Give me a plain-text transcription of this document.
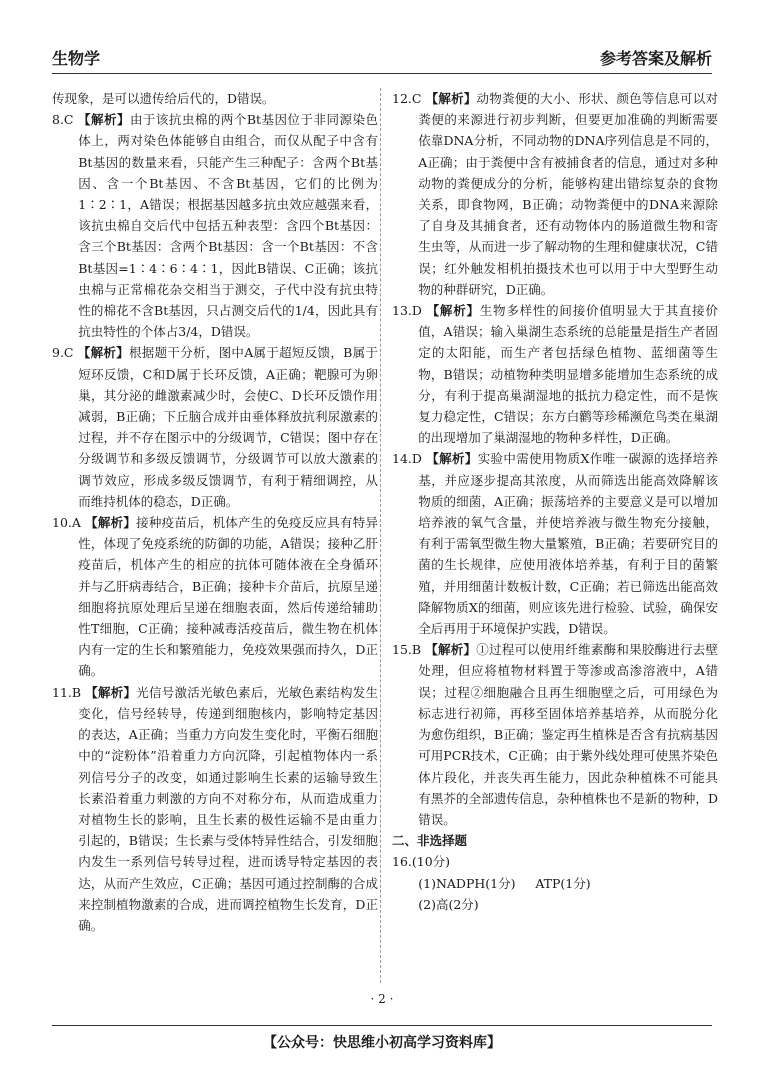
生物学	参考答案及解析

传现象，是可以遗传给后代的，D错误。

8.C 【解析】由于该抗虫棉的两个Bt基因位于非同源染色体上，两对染色体能够自由组合，而仅从配子中含有Bt基因的数量来看，只能产生三种配子：含两个Bt基因、含一个Bt基因、不含Bt基因，它们的比例为1∶2∶1，A错误；根据基因越多抗虫效应越强来看，该抗虫棉自交后代中包括五种表型：含四个Bt基因：含三个Bt基因：含两个Bt基因：含一个Bt基因：不含Bt基因=1∶4∶6∶4∶1，因此B错误、C正确；该抗虫棉与正常棉花杂交相当于测交，子代中没有抗虫特性的棉花不含Bt基因，只占测交后代的1/4，因此具有抗虫特性的个体占3/4，D错误。

9.C 【解析】根据题干分析，图中A属于超短反馈，B属于短环反馈，C和D属于长环反馈，A正确；靶腺可为卵巢，其分泌的雌激素减少时，会使C、D长环反馈作用减弱，B正确；下丘脑合成并由垂体释放抗利尿激素的过程，并不存在图示中的分级调节，C错误；图中存在分级调节和多级反馈调节，分级调节可以放大激素的调节效应，形成多级反馈调节，有利于精细调控，从而维持机体的稳态，D正确。

10.A 【解析】接种疫苗后，机体产生的免疫反应具有特异性，体现了免疫系统的防御的功能，A错误；接种乙肝疫苗后，机体产生的相应的抗体可随体液在全身循环并与乙肝病毒结合，B正确；接种卡介苗后，抗原呈递细胞将抗原处理后呈递在细胞表面，然后传递给辅助性T细胞，C正确；接种减毒活疫苗后，微生物在机体内有一定的生长和繁殖能力，免疫效果强而持久，D正确。

11.B 【解析】光信号激活光敏色素后，光敏色素结构发生变化，信号经转导，传递到细胞核内，影响特定基因的表达，A正确；当重力方向发生变化时，平衡石细胞中的“淀粉体”沿着重力方向沉降，引起植物体内一系列信号分子的改变，如通过影响生长素的运输导致生长素沿着重力刺激的方向不对称分布，从而造成重力对植物生长的影响，且生长素的极性运输不是由重力引起的，B错误；生长素与受体特异性结合，引发细胞内发生一系列信号转导过程，进而诱导特定基因的表达，从而产生效应，C正确；基因可通过控制酶的合成来控制植物激素的合成，进而调控植物生长发育，D正确。

12.C 【解析】动物粪便的大小、形状、颜色等信息可以对粪便的来源进行初步判断，但要更加准确的判断需要依靠DNA分析，不同动物的DNA序列信息是不同的，A正确；由于粪便中含有被捕食者的信息，通过对多种动物的粪便成分的分析，能够构建出错综复杂的食物关系，即食物网，B正确；动物粪便中的DNA来源除了自身及其捕食者，还有动物体内的肠道微生物和寄生虫等，从而进一步了解动物的生理和健康状况，C错误；红外触发相机拍摄技术也可以用于中大型野生动物的种群研究，D正确。

13.D 【解析】生物多样性的间接价值明显大于其直接价值，A错误；输入巢湖生态系统的总能量是指生产者固定的太阳能，而生产者包括绿色植物、蓝细菌等生物，B错误；动植物种类明显增多能增加生态系统的成分，有利于提高巢湖湿地的抵抗力稳定性，而不是恢复力稳定性，C错误；东方白鹳等珍稀濒危鸟类在巢湖的出现增加了巢湖湿地的物种多样性，D正确。

14.D 【解析】实验中需使用物质X作唯一碳源的选择培养基，并应逐步提高其浓度，从而筛选出能高效降解该物质的细菌，A正确；振荡培养的主要意义是可以增加培养液的氧气含量，并使培养液与微生物充分接触，有利于需氧型微生物大量繁殖，B正确；若要研究目的菌的生长规律，应使用液体培养基，有利于目的菌繁殖，并用细菌计数板计数，C正确；若已筛选出能高效降解物质X的细菌，则应该先进行检验、试验，确保安全后再用于环境保护实践，D错误。

15.B 【解析】①过程可以使用纤维素酶和果胶酶进行去壁处理，但应将植物材料置于等渗或高渗溶液中，A错误；过程②细胞融合且再生细胞壁之后，可用绿色为标志进行初筛，再移至固体培养基培养，从而脱分化为愈伤组织，B正确；鉴定再生植株是否含有抗病基因可用PCR技术，C正确；由于紫外线处理可使黑芥染色体片段化，并丧失再生能力，因此杂种植株不可能具有黑芥的全部遗传信息，杂种植株也不是新的物种，D错误。

二、非选择题

16.(10分)

(1)NADPH(1分) ATP(1分)

(2)高(2分)

· 2 ·
【公众号：快思维小初高学习资料库】
